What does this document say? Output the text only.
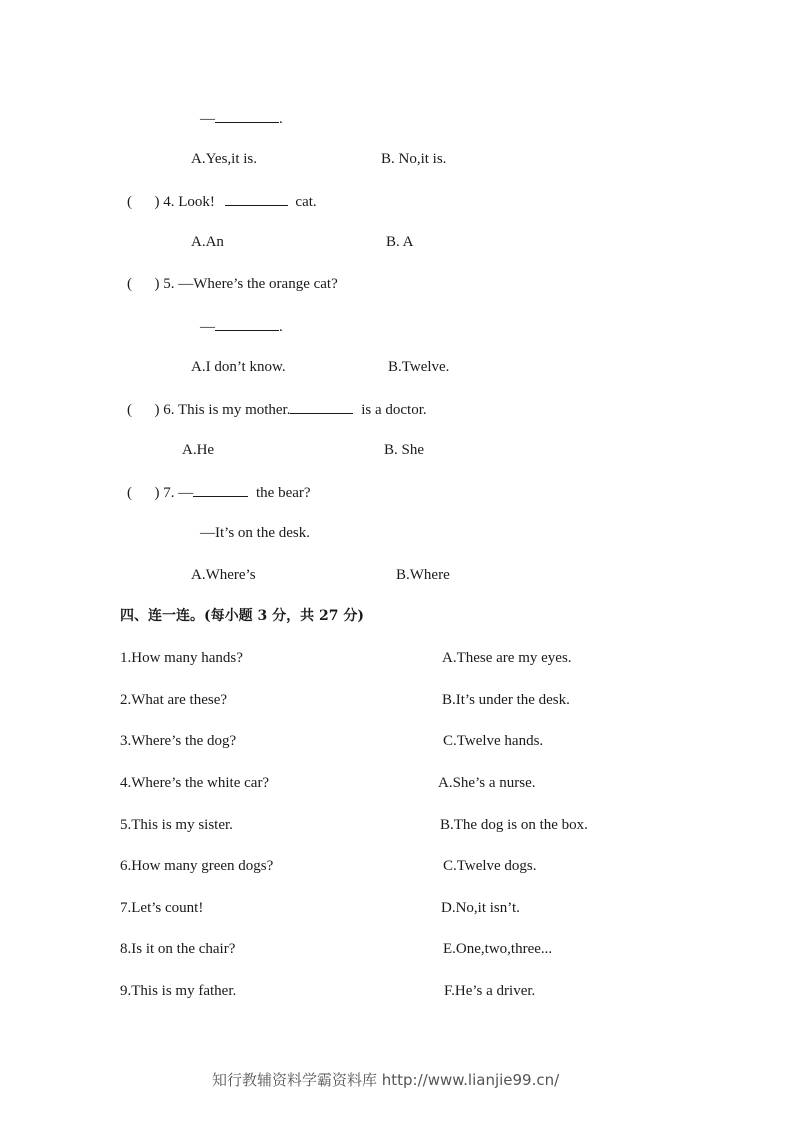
—	.
A.Yes,it is.	B. No,it is.
(      ) 4. Look!	cat.
A.An	B. A
(      ) 5. —Where’s the orange cat?
—	.
A.I don’t know.	B.Twelve.
(      ) 6. This is my mother.	is a doctor.
A.He	B. She
(      ) 7. —	the bear?
—It’s on the desk.
A.Where’s	B.Where
四、连一连。(每小题 3 分，共 27 分)
1.How many hands?	A.These are my eyes.
2.What are these?	B.It’s under the desk.
3.Where’s the dog?	C.Twelve hands.
4.Where’s the white car?	A.She’s a nurse.
5.This is my sister.	B.The dog is on the box.
6.How many green dogs?	C.Twelve dogs.
7.Let’s count!	D.No,it isn’t.
8.Is it on the chair?	E.One,two,three...
9.This is my father.	F.He’s a driver.
知行教辅资料学霸资料库 http://www.lianjie99.cn/
